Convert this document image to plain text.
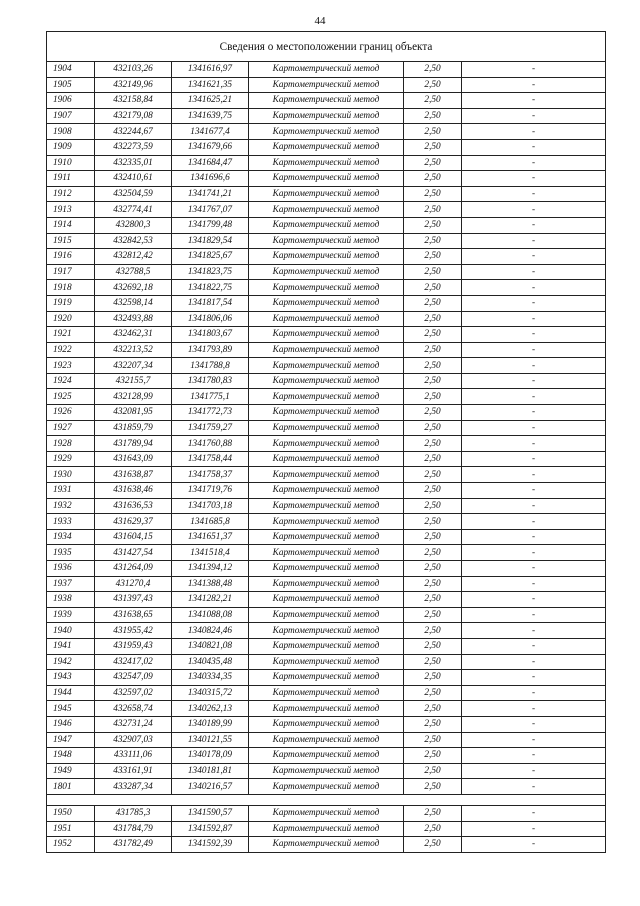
44
Сведения о местоположении границ объекта					
1904	432103,26	1341616,97	Картометрический метод	2,50	-
1905	432149,96	1341621,35	Картометрический метод	2,50	-
1906	432158,84	1341625,21	Картометрический метод	2,50	-
1907	432179,08	1341639,75	Картометрический метод	2,50	-
1908	432244,67	1341677,4	Картометрический метод	2,50	-
1909	432273,59	1341679,66	Картометрический метод	2,50	-
1910	432335,01	1341684,47	Картометрический метод	2,50	-
1911	432410,61	1341696,6	Картометрический метод	2,50	-
1912	432504,59	1341741,21	Картометрический метод	2,50	-
1913	432774,41	1341767,07	Картометрический метод	2,50	-
1914	432800,3	1341799,48	Картометрический метод	2,50	-
1915	432842,53	1341829,54	Картометрический метод	2,50	-
1916	432812,42	1341825,67	Картометрический метод	2,50	-
1917	432788,5	1341823,75	Картометрический метод	2,50	-
1918	432692,18	1341822,75	Картометрический метод	2,50	-
1919	432598,14	1341817,54	Картометрический метод	2,50	-
1920	432493,88	1341806,06	Картометрический метод	2,50	-
1921	432462,31	1341803,67	Картометрический метод	2,50	-
1922	432213,52	1341793,89	Картометрический метод	2,50	-
1923	432207,34	1341788,8	Картометрический метод	2,50	-
1924	432155,7	1341780,83	Картометрический метод	2,50	-
1925	432128,99	1341775,1	Картометрический метод	2,50	-
1926	432081,95	1341772,73	Картометрический метод	2,50	-
1927	431859,79	1341759,27	Картометрический метод	2,50	-
1928	431789,94	1341760,88	Картометрический метод	2,50	-
1929	431643,09	1341758,44	Картометрический метод	2,50	-
1930	431638,87	1341758,37	Картометрический метод	2,50	-
1931	431638,46	1341719,76	Картометрический метод	2,50	-
1932	431636,53	1341703,18	Картометрический метод	2,50	-
1933	431629,37	1341685,8	Картометрический метод	2,50	-
1934	431604,15	1341651,37	Картометрический метод	2,50	-
1935	431427,54	1341518,4	Картометрический метод	2,50	-
1936	431264,09	1341394,12	Картометрический метод	2,50	-
1937	431270,4	1341388,48	Картометрический метод	2,50	-
1938	431397,43	1341282,21	Картометрический метод	2,50	-
1939	431638,65	1341088,08	Картометрический метод	2,50	-
1940	431955,42	1340824,46	Картометрический метод	2,50	-
1941	431959,43	1340821,08	Картометрический метод	2,50	-
1942	432417,02	1340435,48	Картометрический метод	2,50	-
1943	432547,09	1340334,35	Картометрический метод	2,50	-
1944	432597,02	1340315,72	Картометрический метод	2,50	-
1945	432658,74	1340262,13	Картометрический метод	2,50	-
1946	432731,24	1340189,99	Картометрический метод	2,50	-
1947	432907,03	1340121,55	Картометрический метод	2,50	-
1948	433111,06	1340178,09	Картометрический метод	2,50	-
1949	433161,91	1340181,81	Картометрический метод	2,50	-
1801	433287,34	1340216,57	Картометрический метод	2,50	-

1950	431785,3	1341590,57	Картометрический метод	2,50	-
1951	431784,79	1341592,87	Картометрический метод	2,50	-
1952	431782,49	1341592,39	Картометрический метод	2,50	-
